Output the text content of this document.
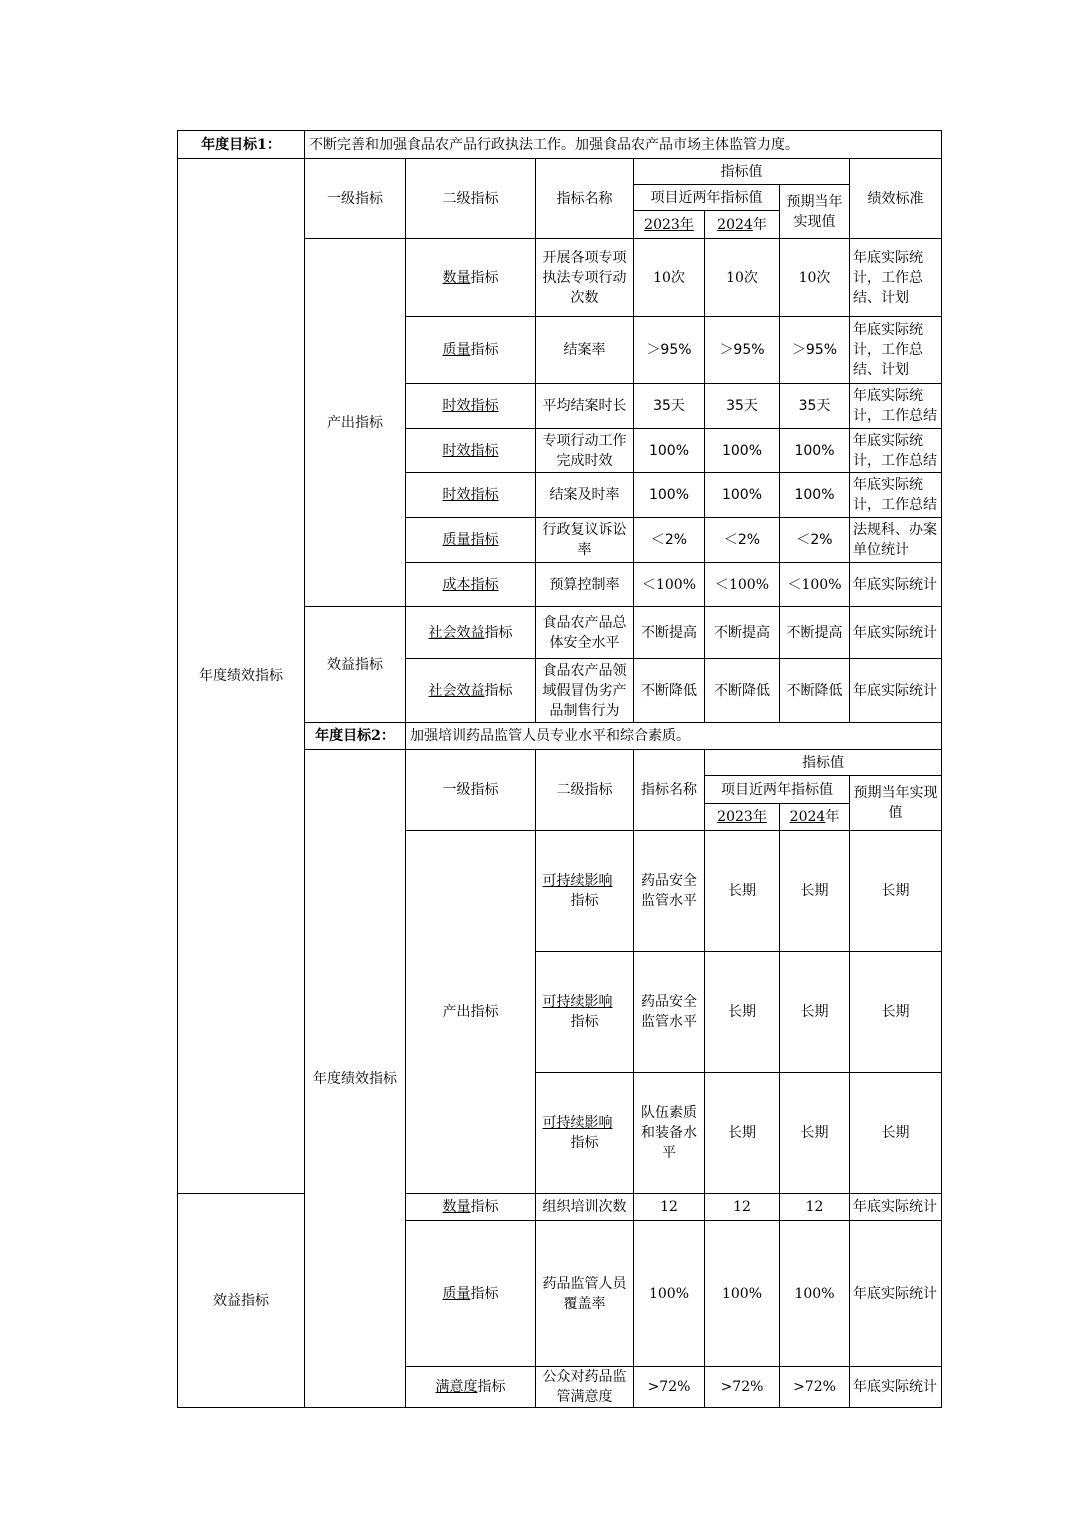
年度目标1：	不断完善和加强食品农产品行政执法工作。加强食品农产品市场主体监管力度。							
年度绩效指标	一级指标	二级指标	指标名称	指标值			绩效标准	
				项目近两年指标值		预期当年实现值		
				2023年	2024年			
	产出指标	数量指标	开展各项专项执法专项行动次数	10次	10次	10次	年底实际统计，工作总结、计划	
		质量指标	结案率	＞95%	＞95%	＞95%	年底实际统计，工作总结、计划	
		时效指标	平均结案时长	35天	35天	35天	年底实际统计，工作总结	
		时效指标	专项行动工作完成时效	100%	100%	100%	年底实际统计，工作总结	
		时效指标	结案及时率	100%	100%	100%	年底实际统计，工作总结	
		质量指标	行政复议诉讼率	＜2%	＜2%	＜2%	法规科、办案单位统计	
		成本指标	预算控制率	＜100%	＜100%	＜100%	年底实际统计	
	效益指标	社会效益指标	食品农产品总体安全水平	不断提高	不断提高	不断提高	年底实际统计	
		社会效益指标	食品农产品领域假冒伪劣产品制售行为	不断降低	不断降低	不断降低	年底实际统计	
	年度目标2：	加强培训药品监管人员专业水平和综合素质。						
	年度绩效指标	一级指标	二级指标	指标名称	指标值	
					项目近两年指标值		预期当年实现值	
					2023年	2024年		
		产出指标	可持续影响　指标	药品安全监管水平	长期	长期	长期	
			可持续影响　指标	药品安全监管水平	长期	长期	长期	
			可持续影响　指标	队伍素质和装备水平	长期	长期	长期	
效益指标		数量指标	组织培训次数	12	12	12	年底实际统计	
		质量指标	药品监管人员覆盖率	100%	100%	100%	年底实际统计	
		满意度指标	公众对药品监管满意度	>72%	>72%	>72%	年底实际统计	
